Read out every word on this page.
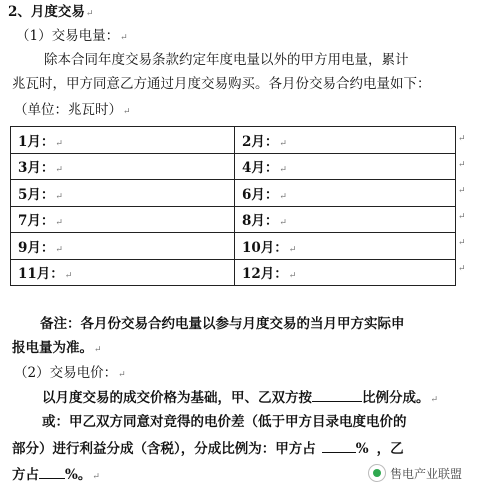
2、月度交易↵
（1）交易电量：↵
除本合同年度交易条款约定年度电量以外的甲方用电量，累计
兆瓦时，甲方同意乙方通过月度交易购买。各月份交易合约电量如下：
（单位：兆瓦时）↵
1月：↵	2月：↵
3月：↵	4月：↵
5月：↵	6月：↵
7月：↵	8月：↵
9月：↵	10月：↵
11月：↵	12月：↵
↵
↵
↵
↵
↵
↵
备注：各月份交易合约电量以参与月度交易的当月甲方实际申
报电量为准。↵
（2）交易电价：↵
以月度交易的成交价格为基础，甲、乙双方按	比例分成。↵
或：甲乙双方同意对竞得的电价差（低于甲方目录电度电价的
部分）进行利益分成（含税），分成比例为：甲方占	% ，乙
方占 %。↵	售电产业联盟
